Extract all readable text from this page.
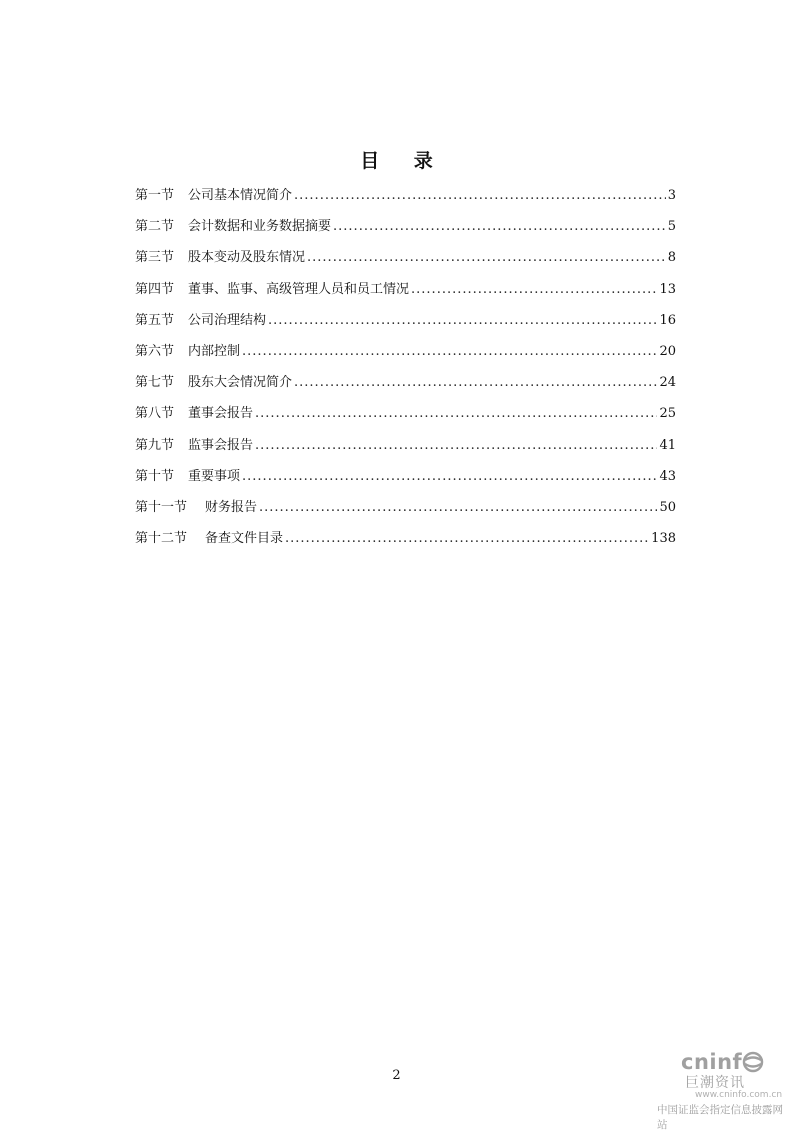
目 录
第一节 公司基本情况简介 .....	3
第二节 会计数据和业务数据摘要 .....	5
第三节 股本变动及股东情况 .....	8
第四节 董事、监事、高级管理人员和员工情况 .....	13
第五节 公司治理结构 .....	16
第六节 内部控制 .....	20
第七节 股东大会情况简介 .....	24
第八节 董事会报告 .....	25
第九节 监事会报告 .....	41
第十节 重要事项 .....	43
第十一节	财务报告 .....	50
第十二节	备查文件目录 .....	138
2
cninf
巨潮资讯
www.cninfo.com.cn
中国证监会指定信息披露网站
